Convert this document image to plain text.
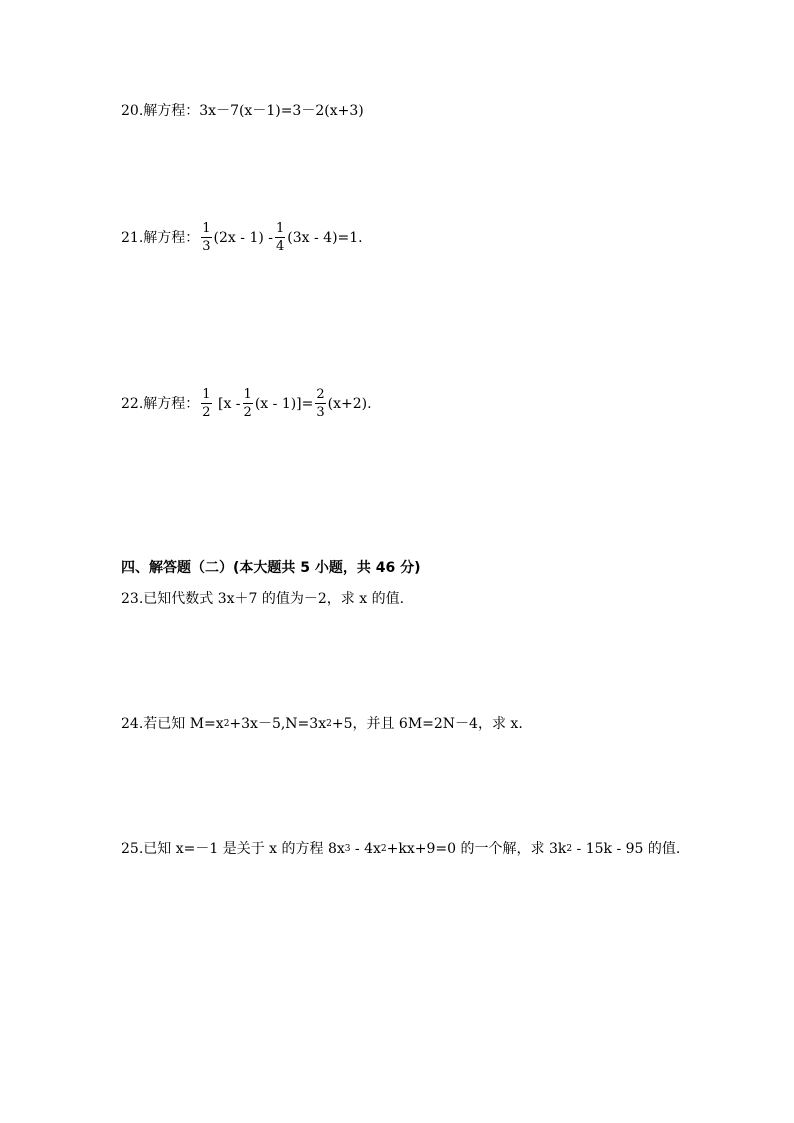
20.解方程： 3x－7(x－1)=3－2(x+3)
21.解方程： $\frac{1}{3} (2x - 1) - \frac{1}{4} (3x - 4)=1$.
22.解方程： $\frac{1}{2} [x - \frac{1}{2} (x - 1)]= \frac{2}{3} (x+2)$.
四、解答题（二）(本大题共 5 小题，共 46 分)
23.已知代数式 3x＋7 的值为－2，求 x 的值.
24.若已知 M=x 2 +3x－5,N=3x 2 +5，并且 6M=2N－4，求 x.
25.已知 x=－1 是关于 x 的方程 8x 3 - 4x 2 +kx+9=0 的一个解，求 3k 2 - 15k - 95 的值.
